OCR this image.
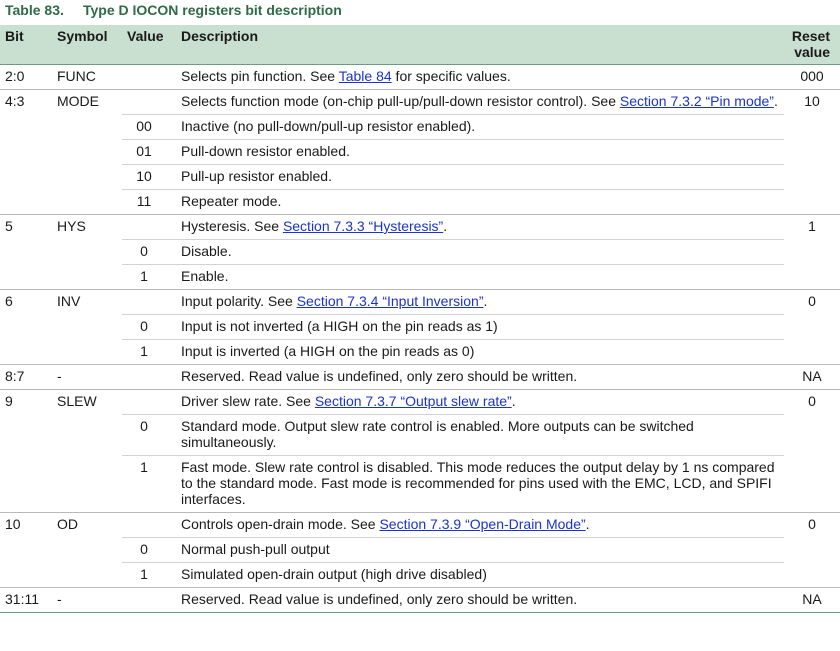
Table 83. Type D IOCON registers bit description
Bit	Symbol	Value	Description	Reset value
2:0	FUNC		Selects pin function. See Table 84 for specific values.	000
4:3	MODE		Selects function mode (on-chip pull-up/pull-down resistor control). See Section 7.3.2 “Pin mode”.	10
		00	Inactive (no pull-down/pull-up resistor enabled).	
		01	Pull-down resistor enabled.	
		10	Pull-up resistor enabled.	
		11	Repeater mode.	
5	HYS		Hysteresis. See Section 7.3.3 “Hysteresis”.	1
		0	Disable.	
		1	Enable.	
6	INV		Input polarity. See Section 7.3.4 “Input Inversion”.	0
		0	Input is not inverted (a HIGH on the pin reads as 1)	
		1	Input is inverted (a HIGH on the pin reads as 0)	
8:7	-		Reserved. Read value is undefined, only zero should be written.	NA
9	SLEW		Driver slew rate. See Section 7.3.7 “Output slew rate”.	0
		0	Standard mode. Output slew rate control is enabled. More outputs can be switched simultaneously.	
		1	Fast mode. Slew rate control is disabled. This mode reduces the output delay by 1 ns compared to the standard mode. Fast mode is recommended for pins used with the EMC, LCD, and SPIFI interfaces.	
10	OD		Controls open-drain mode. See Section 7.3.9 “Open-Drain Mode”.	0
		0	Normal push-pull output	
		1	Simulated open-drain output (high drive disabled)	
31:11	-		Reserved. Read value is undefined, only zero should be written.	NA
